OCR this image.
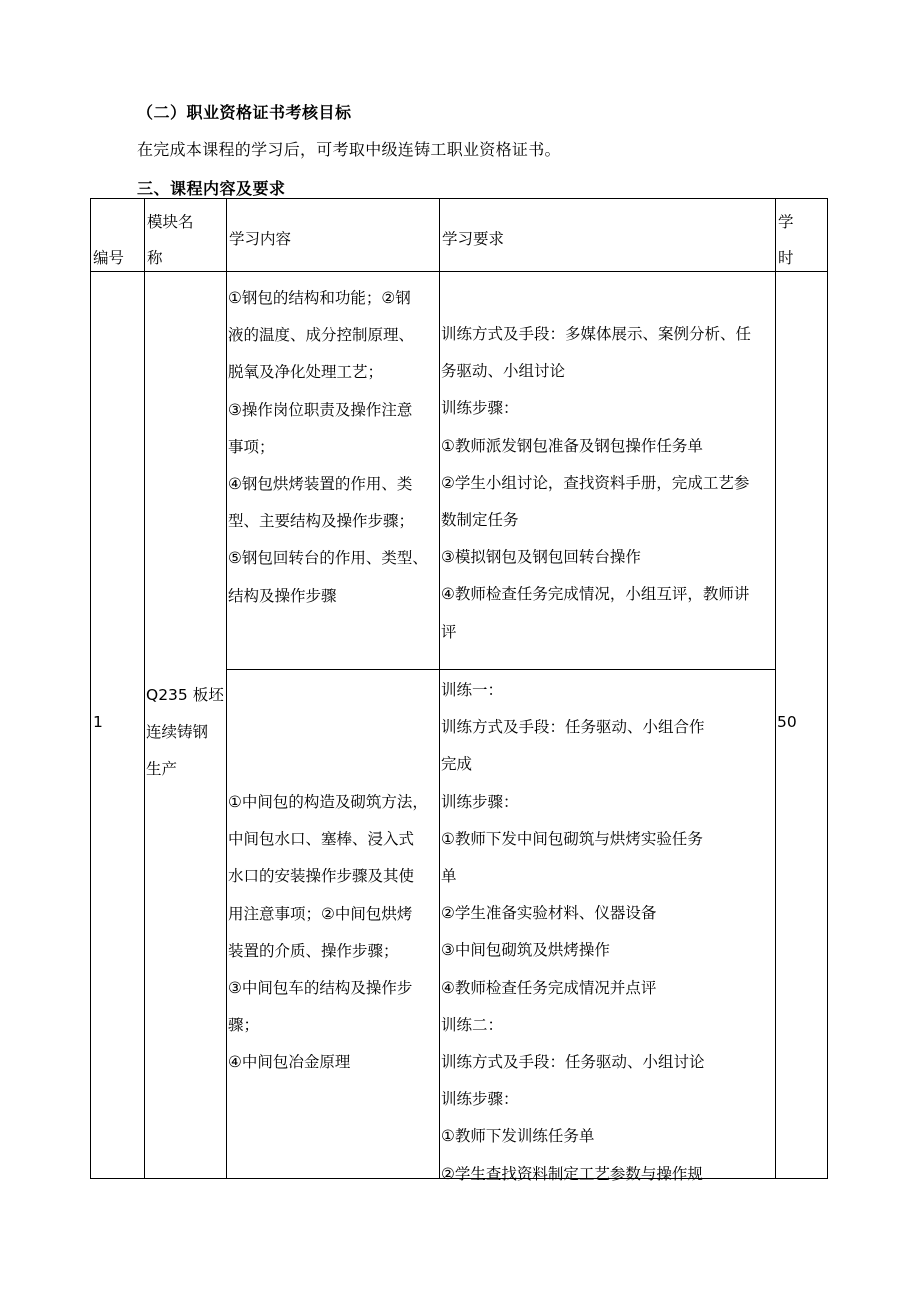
（二）职业资格证书考核目标
在完成本课程的学习后，可考取中级连铸工职业资格证书。
三、课程内容及要求
编号
模块名
称
学习内容	学习要求
学
时
1
Q235 板坯
连续铸钢
生产
50
①钢包的结构和功能；②钢
液的温度、成分控制原理、
脱氧及净化处理工艺；
③操作岗位职责及操作注意
事项；
④钢包烘烤装置的作用、类
型、主要结构及操作步骤；
⑤钢包回转台的作用、类型、
结构及操作步骤
训练方式及手段：多媒体展示、案例分析、任
务驱动、小组讨论
训练步骤：
①教师派发钢包准备及钢包操作任务单
②学生小组讨论，查找资料手册，完成工艺参
数制定任务
③模拟钢包及钢包回转台操作
④教师检查任务完成情况，小组互评，教师讲
评
①中间包的构造及砌筑方法，
中间包水口、塞棒、浸入式
水口的安装操作步骤及其使
用注意事项；②中间包烘烤
装置的介质、操作步骤；
③中间包车的结构及操作步
骤；
④中间包冶金原理
训练一：
训练方式及手段：任务驱动、小组合作
完成
训练步骤：
①教师下发中间包砌筑与烘烤实验任务
单
②学生准备实验材料、仪器设备
③中间包砌筑及烘烤操作
④教师检查任务完成情况并点评
训练二：
训练方式及手段：任务驱动、小组讨论
训练步骤：
①教师下发训练任务单
②学生查找资料制定工艺参数与操作规
